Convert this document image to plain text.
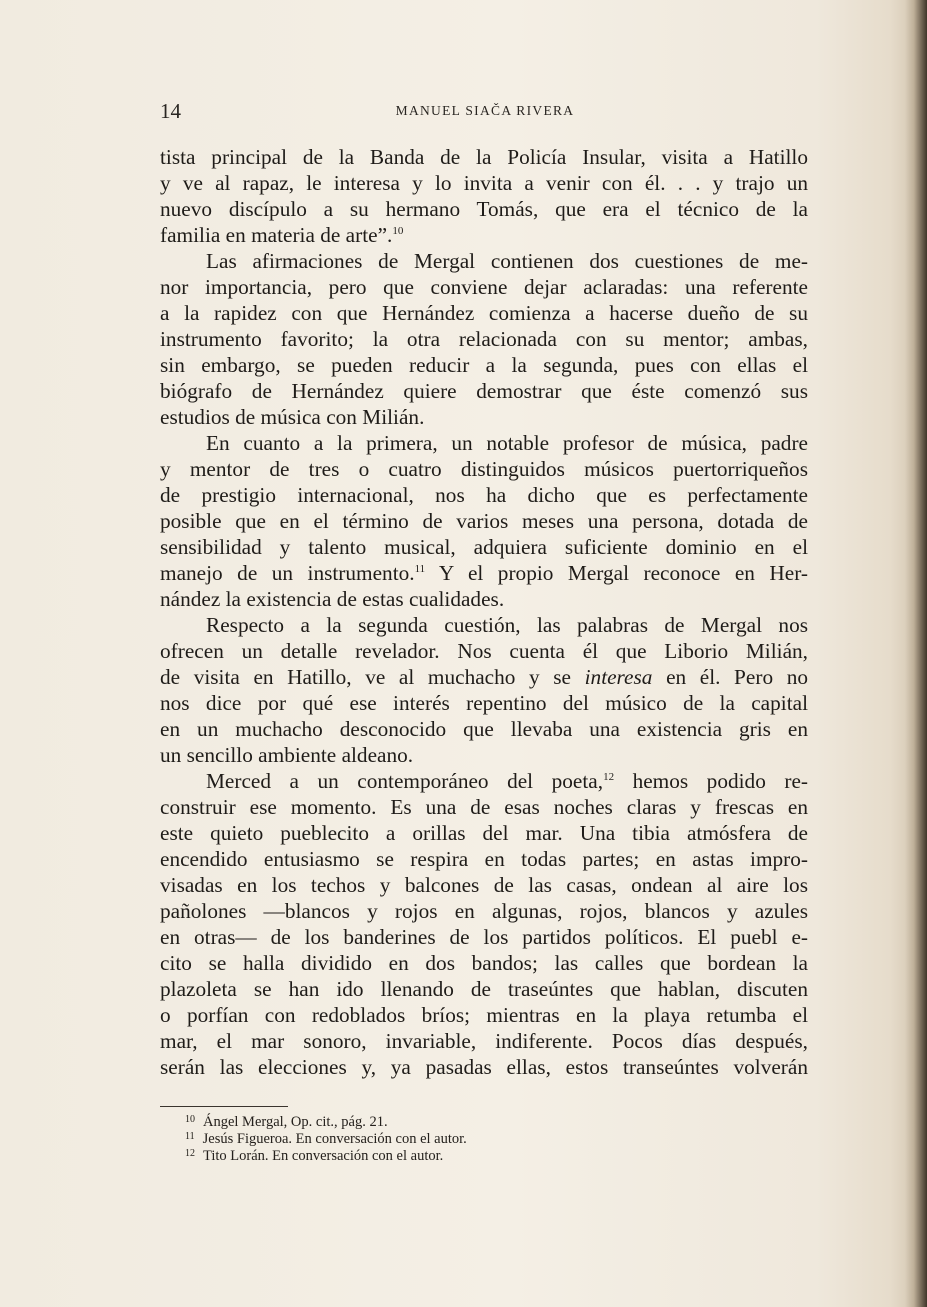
14	MANUEL SIAČA RIVERA
tista principal de la Banda de la Policía Insular, visita a Hatillo
y ve al rapaz, le interesa y lo invita a venir con él. . . y trajo un
nuevo discípulo a su hermano Tomás, que era el técnico de la
familia en materia de arte”.$^{10}$
Las afirmaciones de Mergal contienen dos cuestiones de me-
nor importancia, pero que conviene dejar aclaradas: una referente
a la rapidez con que Hernández comienza a hacerse dueño de su
instrumento favorito; la otra relacionada con su mentor; ambas,
sin embargo, se pueden reducir a la segunda, pues con ellas el
biógrafo de Hernández quiere demostrar que éste comenzó sus
estudios de música con Milián.
En cuanto a la primera, un notable profesor de música, padre
y mentor de tres o cuatro distinguidos músicos puertorriqueños
de prestigio internacional, nos ha dicho que es perfectamente
posible que en el término de varios meses una persona, dotada de
sensibilidad y talento musical, adquiera suficiente dominio en el
manejo de un instrumento.$^{11}$ Y el propio Mergal reconoce en Her-
nández la existencia de estas cualidades.
Respecto a la segunda cuestión, las palabras de Mergal nos
ofrecen un detalle revelador. Nos cuenta él que Liborio Milián,
de visita en Hatillo, ve al muchacho y se interesa en él. Pero no
nos dice por qué ese interés repentino del músico de la capital
en un muchacho desconocido que llevaba una existencia gris en
un sencillo ambiente aldeano.
Merced a un contemporáneo del poeta,$^{12}$ hemos podido re-
construir ese momento. Es una de esas noches claras y frescas en
este quieto pueblecito a orillas del mar. Una tibia atmósfera de
encendido entusiasmo se respira en todas partes; en astas impro-
visadas en los techos y balcones de las casas, ondean al aire los
pañolones —blancos y rojos en algunas, rojos, blancos y azules
en otras— de los banderines de los partidos políticos. El puebl e-
cito se halla dividido en dos bandos; las calles que bordean la
plazoleta se han ido llenando de traseúntes que hablan, discuten
o porfían con redoblados bríos; mientras en la playa retumba el
mar, el mar sonoro, invariable, indiferente. Pocos días después,
serán las elecciones y, ya pasadas ellas, estos transeúntes volverán
$^{10}$ Ángel Mergal, Op. cit., pág. 21.
$^{11}$ Jesús Figueroa. En conversación con el autor.
$^{12}$ Tito Lorán. En conversación con el autor.
